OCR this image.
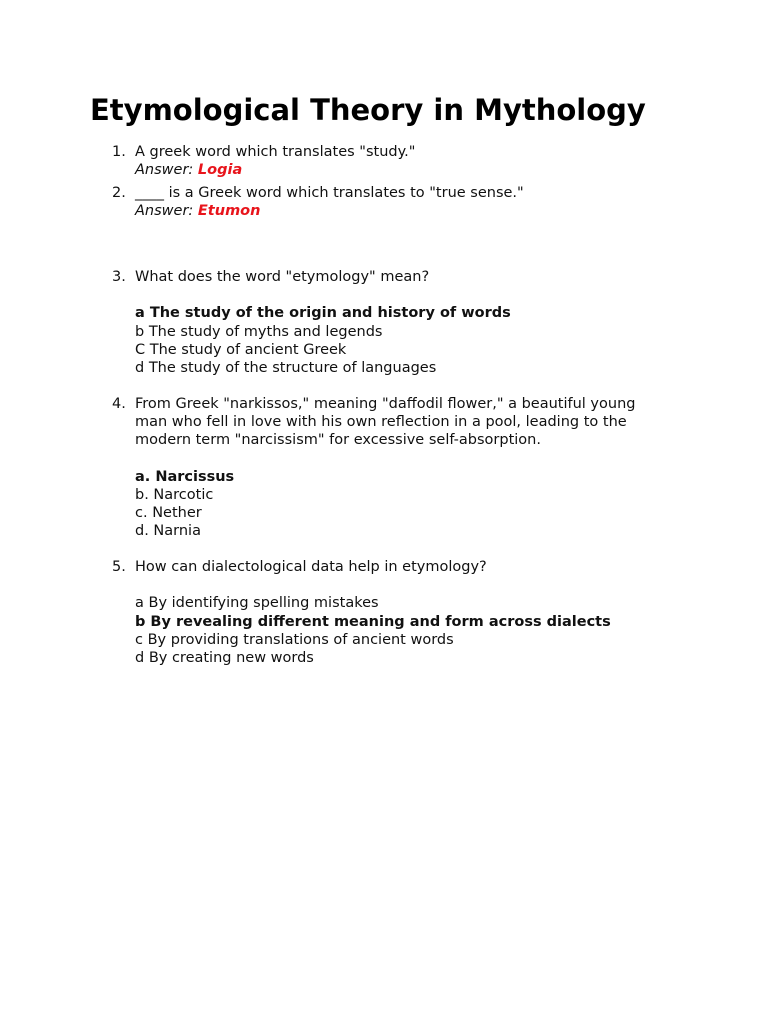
Etymological Theory in Mythology
1. A greek word which translates "study."
Answer: Logia
2. ____ is a Greek word which translates to "true sense."
Answer: Etumon
3. What does the word "etymology" mean?
a The study of the origin and history of words
b The study of myths and legends
C The study of ancient Greek
d The study of the structure of languages
4. From Greek "narkissos," meaning "daffodil flower," a beautiful young
man who fell in love with his own reflection in a pool, leading to the
modern term "narcissism" for excessive self-absorption.
a. Narcissus
b. Narcotic
c. Nether
d. Narnia
5. How can dialectological data help in etymology?
a By identifying spelling mistakes
b By revealing different meaning and form across dialects
c By providing translations of ancient words
d By creating new words
